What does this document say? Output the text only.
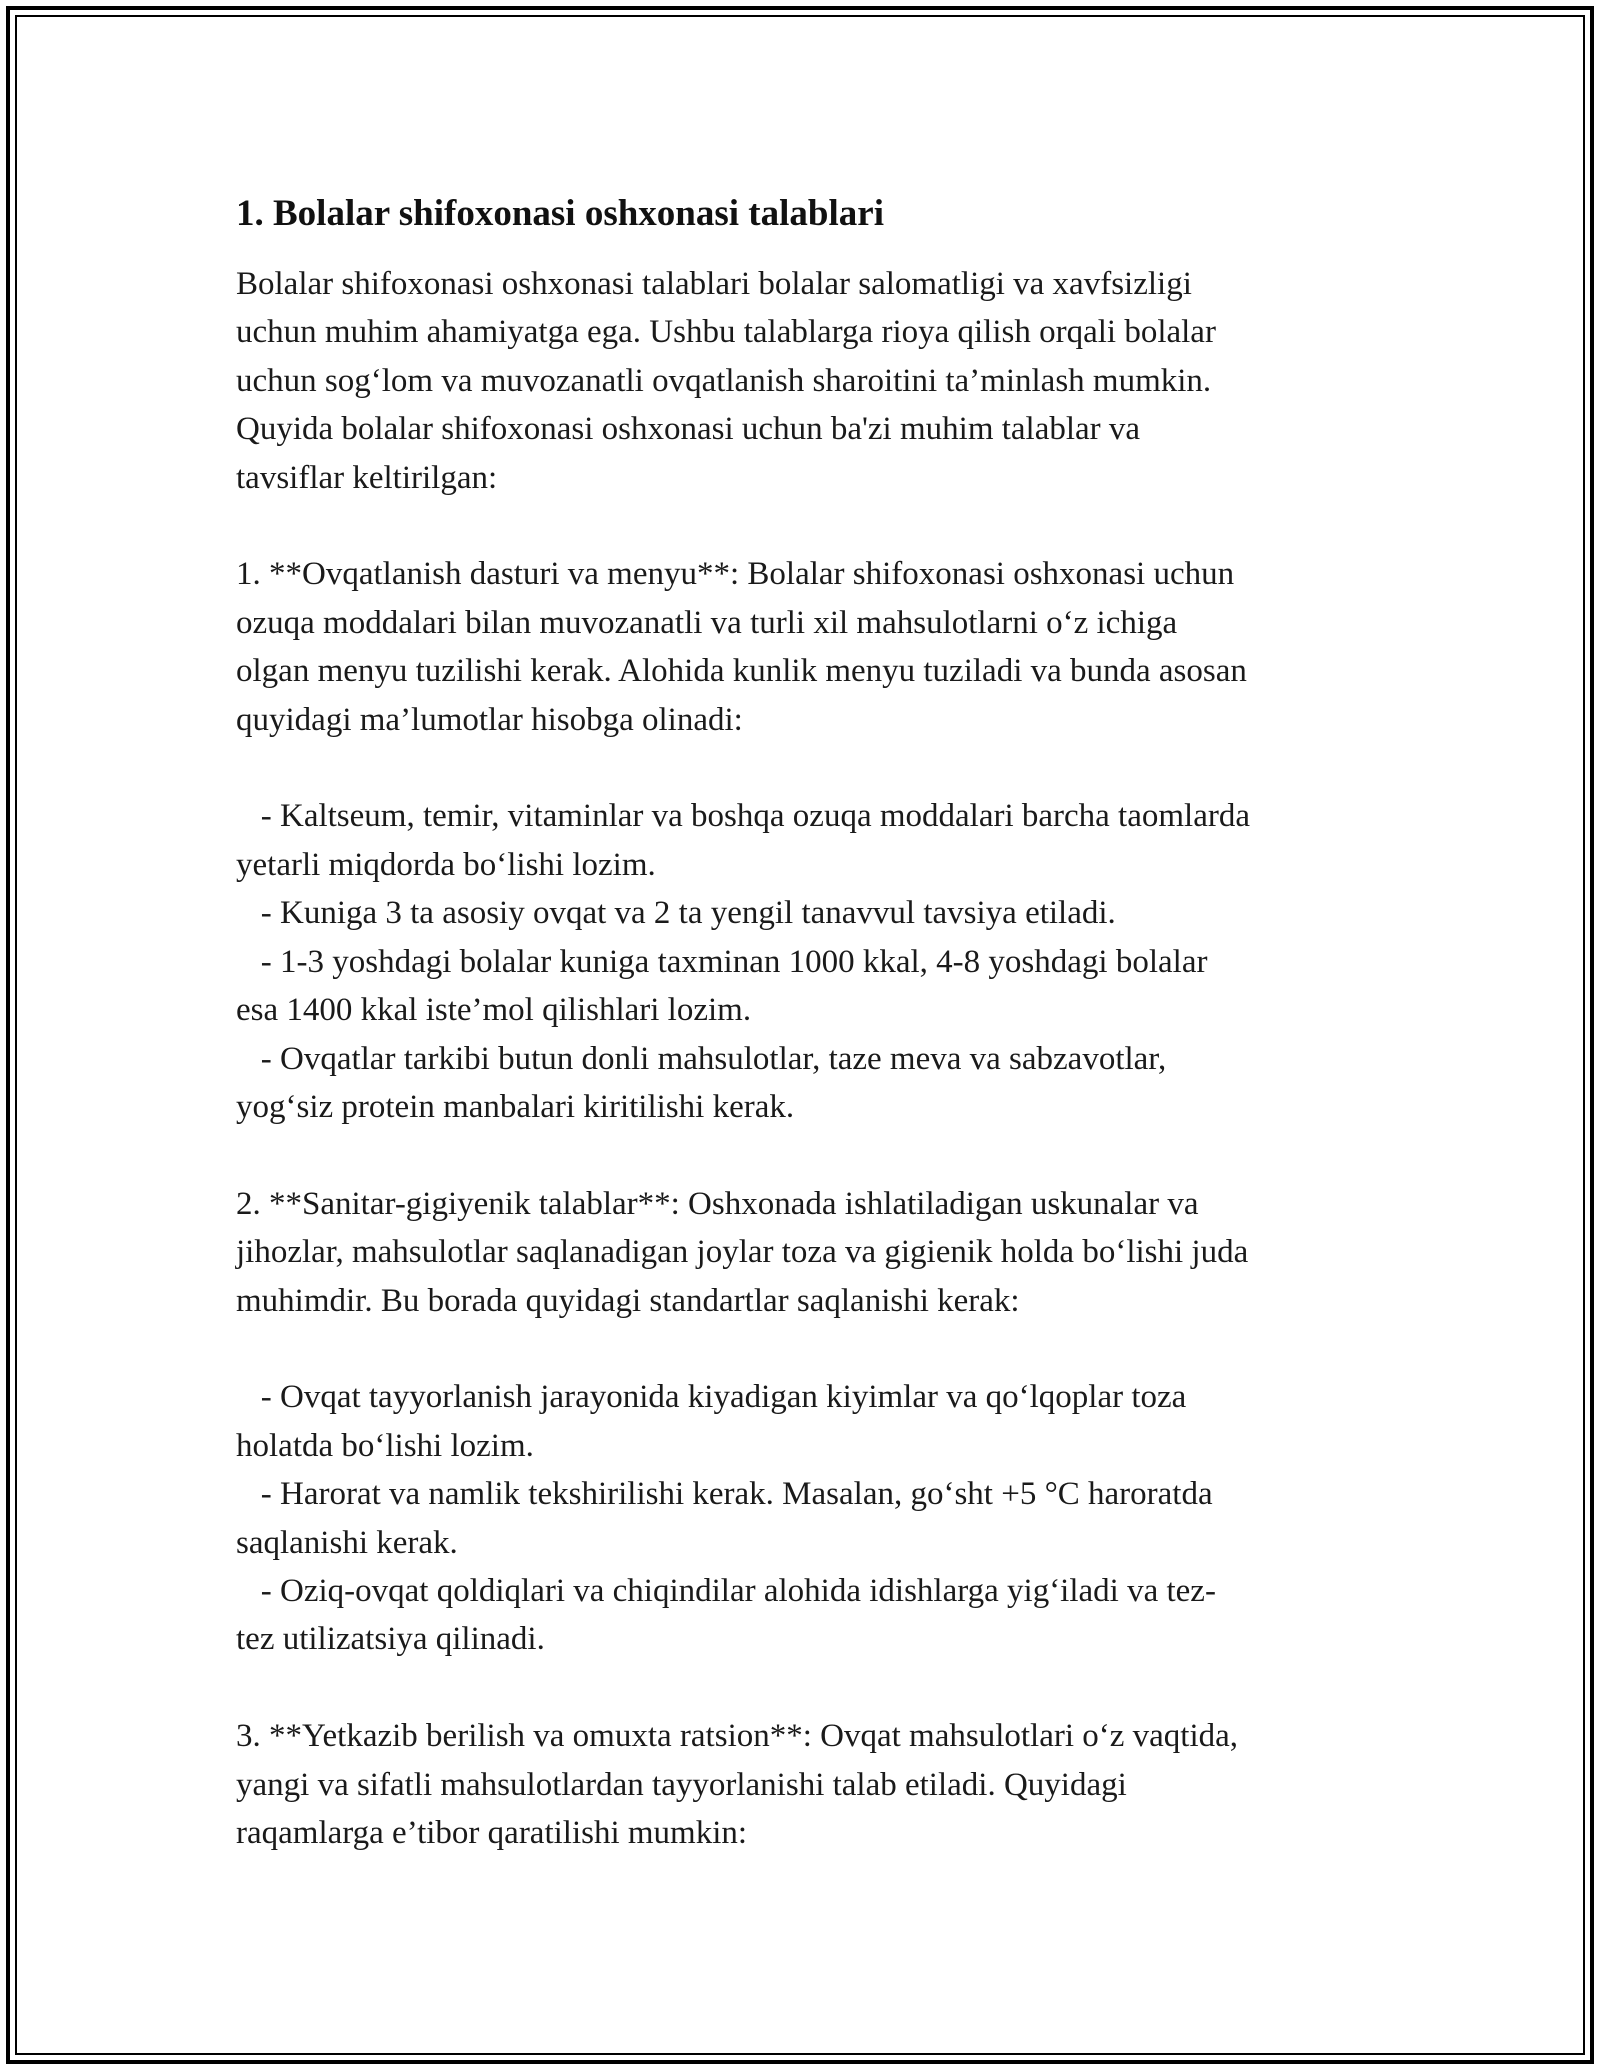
1. Bolalar shifoxonasi oshxonasi talablari
Bolalar shifoxonasi oshxonasi talablari bolalar salomatligi va xavfsizligi
uchun muhim ahamiyatga ega. Ushbu talablarga rioya qilish orqali bolalar
uchun sog‘lom va muvozanatli ovqatlanish sharoitini ta’minlash mumkin.
Quyida bolalar shifoxonasi oshxonasi uchun ba'zi muhim talablar va
tavsiflar keltirilgan:

1. **Ovqatlanish dasturi va menyu**: Bolalar shifoxonasi oshxonasi uchun
ozuqa moddalari bilan muvozanatli va turli xil mahsulotlarni o‘z ichiga
olgan menyu tuzilishi kerak. Alohida kunlik menyu tuziladi va bunda asosan
quyidagi ma’lumotlar hisobga olinadi:

- Kaltseum, temir, vitaminlar va boshqa ozuqa moddalari barcha taomlarda
yetarli miqdorda bo‘lishi lozim.
- Kuniga 3 ta asosiy ovqat va 2 ta yengil tanavvul tavsiya etiladi.
- 1-3 yoshdagi bolalar kuniga taxminan 1000 kkal, 4-8 yoshdagi bolalar
esa 1400 kkal iste’mol qilishlari lozim.
- Ovqatlar tarkibi butun donli mahsulotlar, taze meva va sabzavotlar,
yog‘siz protein manbalari kiritilishi kerak.

2. **Sanitar-gigiyenik talablar**: Oshxonada ishlatiladigan uskunalar va
jihozlar, mahsulotlar saqlanadigan joylar toza va gigienik holda bo‘lishi juda
muhimdir. Bu borada quyidagi standartlar saqlanishi kerak:

- Ovqat tayyorlanish jarayonida kiyadigan kiyimlar va qo‘lqoplar toza
holatda bo‘lishi lozim.
- Harorat va namlik tekshirilishi kerak. Masalan, go‘sht +5 °C haroratda
saqlanishi kerak.
- Oziq-ovqat qoldiqlari va chiqindilar alohida idishlarga yig‘iladi va tez-
tez utilizatsiya qilinadi.

3. **Yetkazib berilish va omuxta ratsion**: Ovqat mahsulotlari o‘z vaqtida,
yangi va sifatli mahsulotlardan tayyorlanishi talab etiladi. Quyidagi
raqamlarga e’tibor qaratilishi mumkin:
